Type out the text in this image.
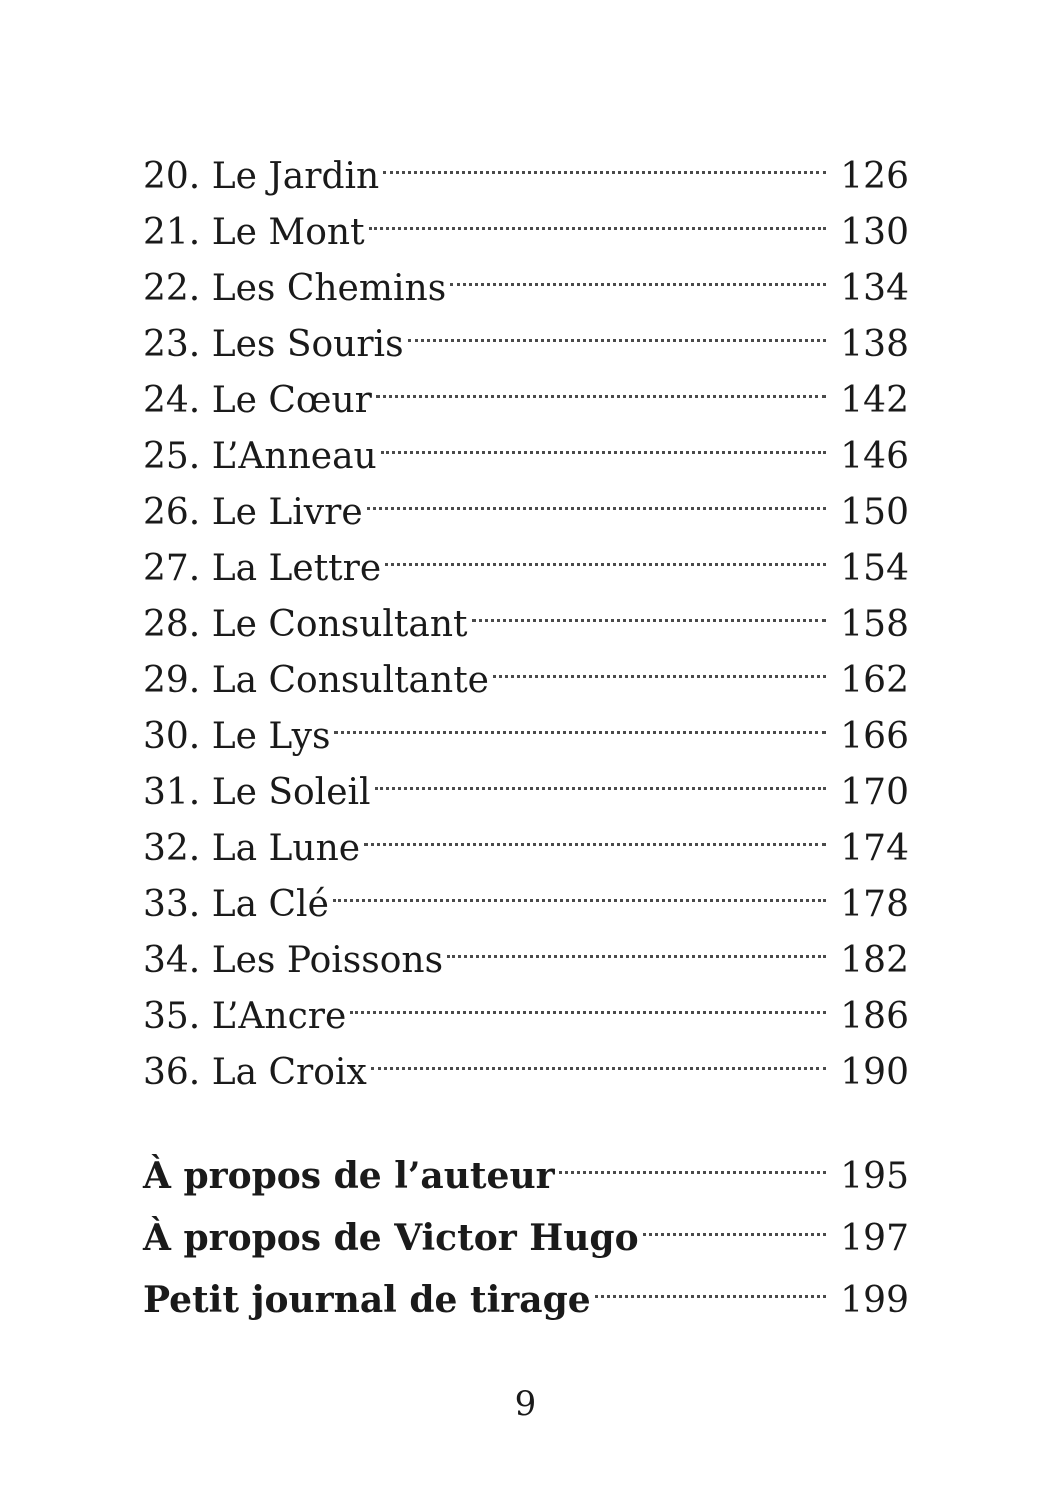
20. Le Jardin	126
21. Le Mont	130
22. Les Chemins	134
23. Les Souris	138
24. Le Cœur	142
25. L’Anneau	146
26. Le Livre	150
27. La Lettre	154
28. Le Consultant	158
29. La Consultante	162
30. Le Lys	166
31. Le Soleil	170
32. La Lune	174
33. La Clé	178
34. Les Poissons	182
35. L’Ancre	186
36. La Croix	190
À propos de l’auteur	195
À propos de Victor Hugo	197
Petit journal de tirage	199
9
